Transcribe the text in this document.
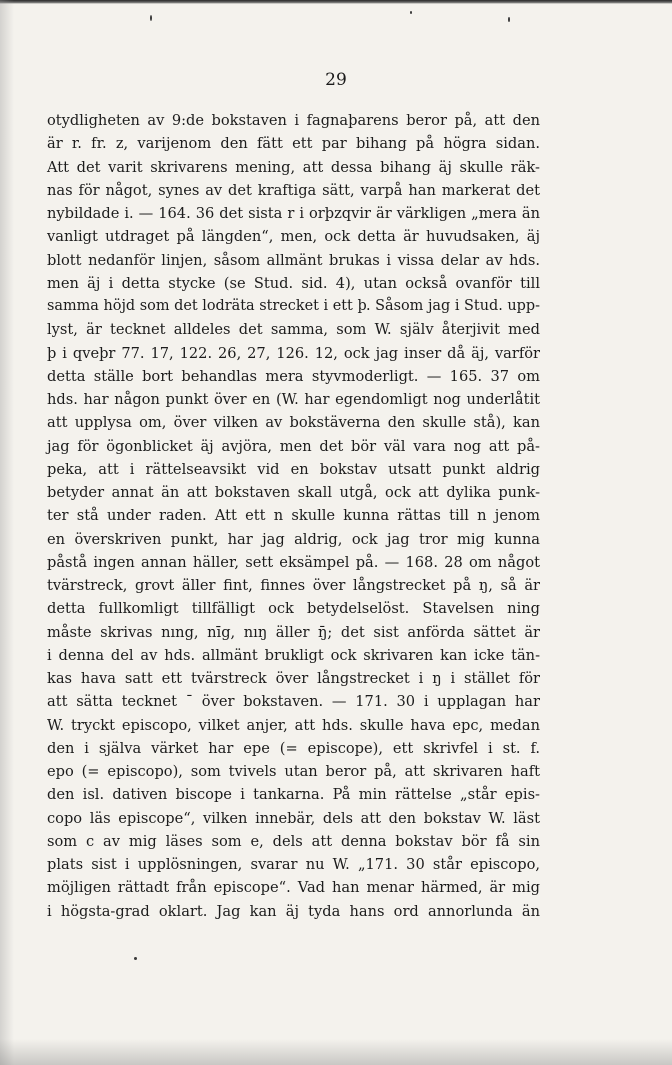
29
otydligheten av 9:de bokstaven i fagnaþarens beror på, att den
är r. fr. z, varijenom den fätt ett par bihang på högra sidan.
Att det varit skrivarens mening, att dessa bihang äj skulle räk-
nas för något, synes av det kraftiga sätt, varpå han markerat det
nybildade i. — 164. 36 det sista r i orþzqvir är värkligen „mera än
vanligt utdraget på längden“, men, ock detta är huvudsaken, äj
blott nedanför linjen, såsom allmänt brukas i vissa delar av hds.
men äj i detta stycke (se Stud. sid. 4), utan också ovanför till
samma höjd som det lodräta strecket i ett þ. Såsom jag i Stud. upp-
lyst, är tecknet alldeles det samma, som W. själv återjivit med
þ i qveþr 77. 17, 122. 26, 27, 126. 12, ock jag inser då äj, varför
detta ställe bort behandlas mera styvmoderligt. — 165. 37 om
hds. har någon punkt över en (W. har egendomligt nog underlåtit
att upplysa om, över vilken av bokstäverna den skulle stå), kan
jag för ögonblicket äj avjöra, men det bör väl vara nog att på-
peka, att i rättelseavsikt vid en bokstav utsatt punkt aldrig
betyder annat än att bokstaven skall utgå, ock att dylika punk-
ter stå under raden. Att ett n skulle kunna rättas till n jenom
en överskriven punkt, har jag aldrig, ock jag tror mig kunna
påstå ingen annan häller, sett eksämpel på. — 168. 28 om något
tvärstreck, grovt äller fint, finnes över långstrecket på ŋ, så är
detta fullkomligt tillfälligt ock betydelselöst. Stavelsen ning
måste skrivas nıng, nīg, nıŋ äller ŋ̄; det sist anförda sättet är
i denna del av hds. allmänt brukligt ock skrivaren kan icke tän-
kas hava satt ett tvärstreck över långstrecket i ŋ i stället för
att sätta tecknet ¯ över bokstaven. — 171. 30 i upplagan har
W. tryckt episcopo, vilket anjer, att hds. skulle hava epc, medan
den i själva värket har epe (= episcope), ett skrivfel i st. f.
epo (= episcopo), som tvivels utan beror på, att skrivaren haft
den isl. dativen biscope i tankarna. På min rättelse „står epis-
copo läs episcope“, vilken innebär, dels att den bokstav W. läst
som c av mig läses som e, dels att denna bokstav bör få sin
plats sist i upplösningen, svarar nu W. „171. 30 står episcopo,
möjligen rättadt från episcope“. Vad han menar härmed, är mig
i högsta-grad oklart. Jag kan äj tyda hans ord annorlunda än
